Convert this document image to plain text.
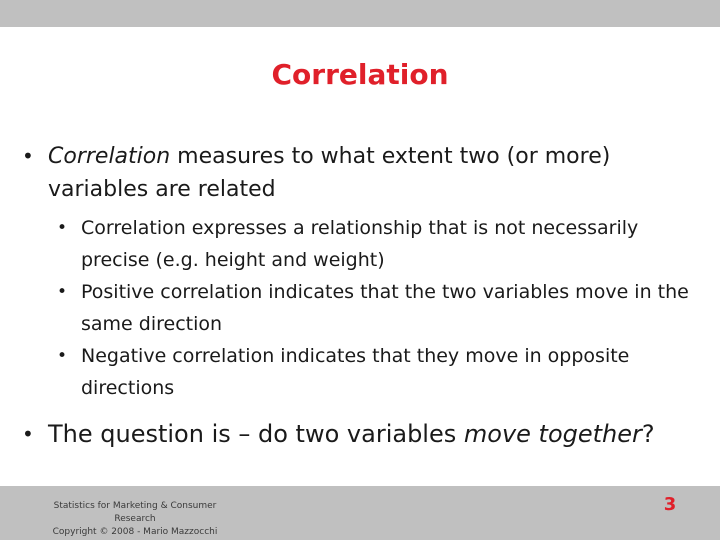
Correlation

• Correlation measures to what extent two (or more) variables are related

• Correlation expresses a relationship that is not necessarily precise (e.g. height and weight)

• Positive correlation indicates that the two variables move in the same direction

• Negative correlation indicates that they move in opposite directions

• The question is – do two variables move together?

Statistics for Marketing & Consumer Research
Copyright © 2008 - Mario Mazzocchi
3
